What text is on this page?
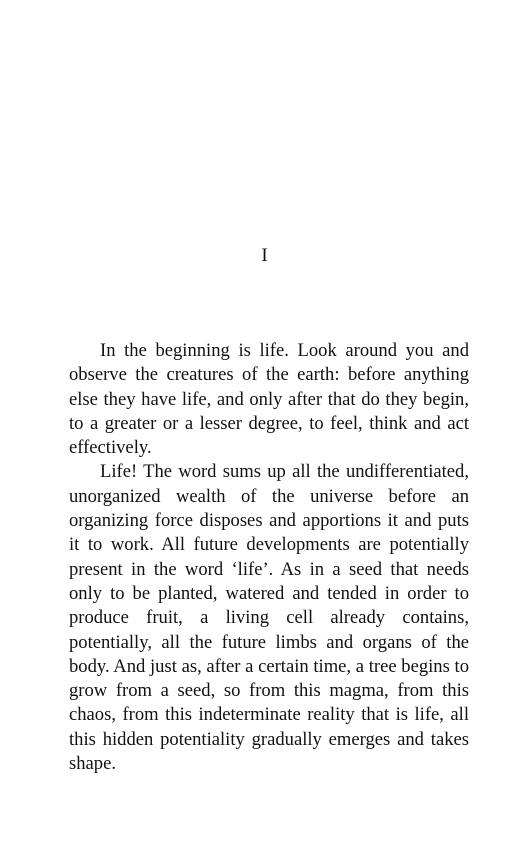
I

In the beginning is life. Look around you and observe the creatures of the earth: before anything else they have life, and only after that do they begin, to a greater or a lesser degree, to feel, think and act effectively.

Life! The word sums up all the undifferentiated, unorganized wealth of the universe before an organizing force disposes and apportions it and puts it to work. All future developments are potentially present in the word ‘life’. As in a seed that needs only to be planted, watered and tended in order to produce fruit, a living cell already contains, potentially, all the future limbs and organs of the body. And just as, after a certain time, a tree begins to grow from a seed, so from this magma, from this chaos, from this indeterminate reality that is life, all this hidden potentiality gradually emerges and takes shape.
